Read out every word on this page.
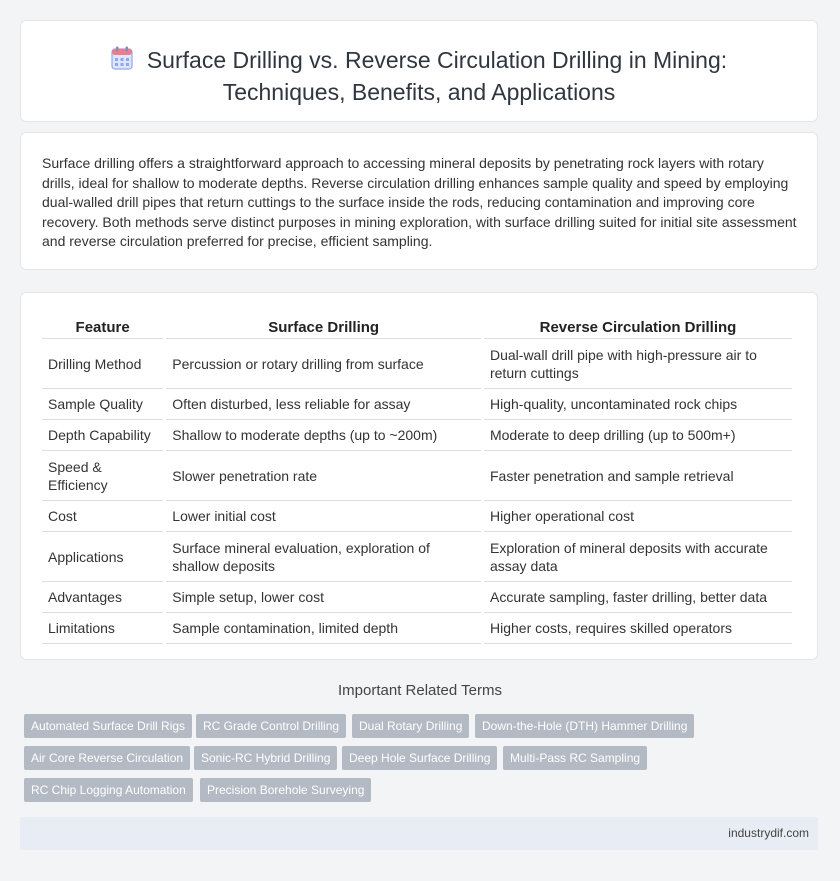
Surface Drilling vs. Reverse Circulation Drilling in Mining:
Techniques, Benefits, and Applications

Surface drilling offers a straightforward approach to accessing mineral deposits by penetrating rock layers with rotary drills, ideal for shallow to moderate depths. Reverse circulation drilling enhances sample quality and speed by employing dual-walled drill pipes that return cuttings to the surface inside the rods, reducing contamination and improving core recovery. Both methods serve distinct purposes in mining exploration, with surface drilling suited for initial site assessment and reverse circulation preferred for precise, efficient sampling.

Feature	Surface Drilling	Reverse Circulation Drilling
Drilling Method	Percussion or rotary drilling from surface	Dual-wall drill pipe with high-pressure air to return cuttings
Sample Quality	Often disturbed, less reliable for assay	High-quality, uncontaminated rock chips
Depth Capability	Shallow to moderate depths (up to ~200m)	Moderate to deep drilling (up to 500m+)
Speed & Efficiency	Slower penetration rate	Faster penetration and sample retrieval
Cost	Lower initial cost	Higher operational cost
Applications	Surface mineral evaluation, exploration of shallow deposits	Exploration of mineral deposits with accurate assay data
Advantages	Simple setup, lower cost	Accurate sampling, faster drilling, better data
Limitations	Sample contamination, limited depth	Higher costs, requires skilled operators
Important Related Terms
Automated Surface Drill Rigs	RC Grade Control Drilling	Dual Rotary Drilling	Down-the-Hole (DTH) Hammer Drilling
Air Core Reverse Circulation	Sonic-RC Hybrid Drilling	Deep Hole Surface Drilling	Multi-Pass RC Sampling
RC Chip Logging Automation	Precision Borehole Surveying
industrydif.com
